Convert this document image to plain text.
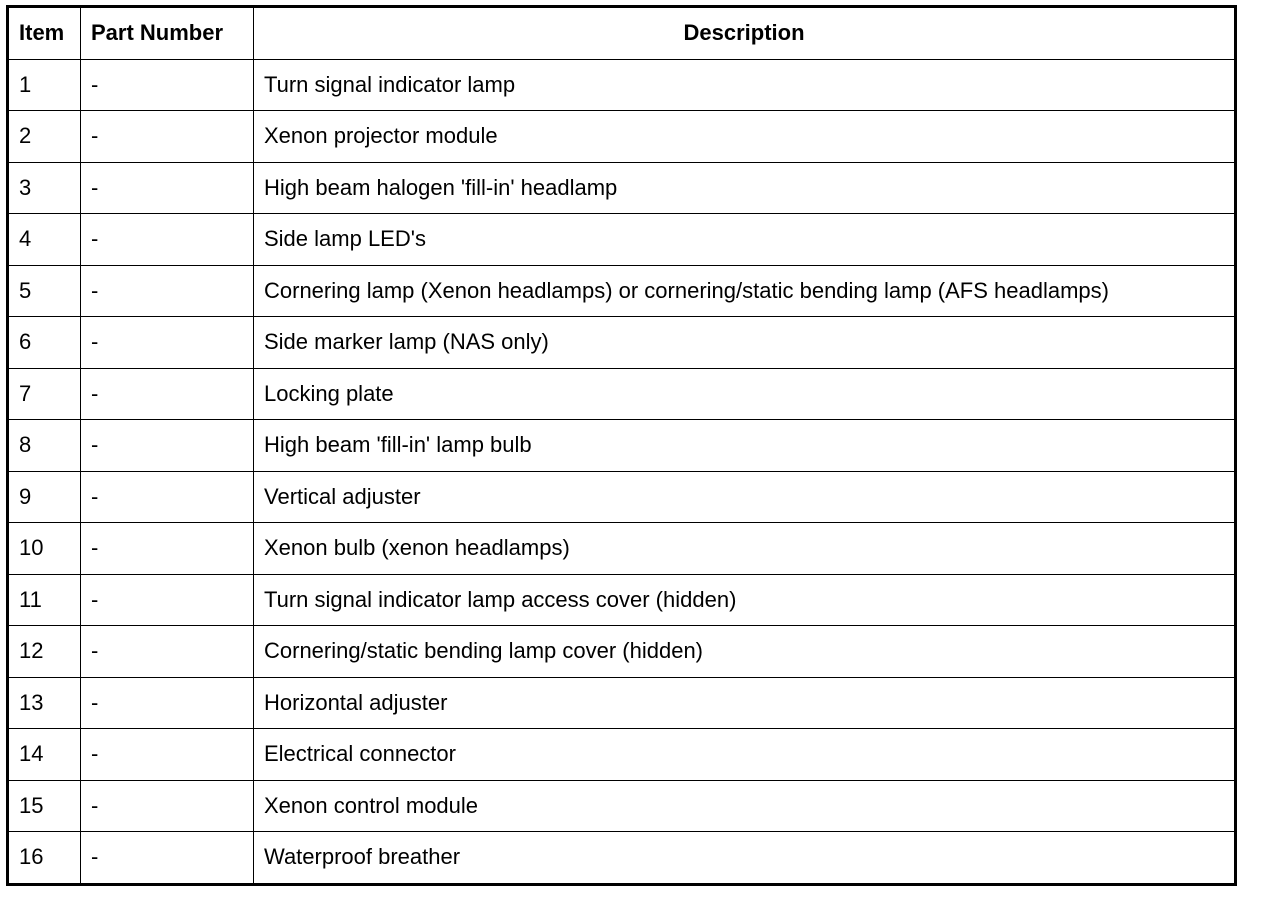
Item	Part Number	Description
1	-	Turn signal indicator lamp
2	-	Xenon projector module
3	-	High beam halogen 'fill-in' headlamp
4	-	Side lamp LED's
5	-	Cornering lamp (Xenon headlamps) or cornering/static bending lamp (AFS headlamps)
6	-	Side marker lamp (NAS only)
7	-	Locking plate
8	-	High beam 'fill-in' lamp bulb
9	-	Vertical adjuster
10	-	Xenon bulb (xenon headlamps)
11	-	Turn signal indicator lamp access cover (hidden)
12	-	Cornering/static bending lamp cover (hidden)
13	-	Horizontal adjuster
14	-	Electrical connector
15	-	Xenon control module
16	-	Waterproof breather
